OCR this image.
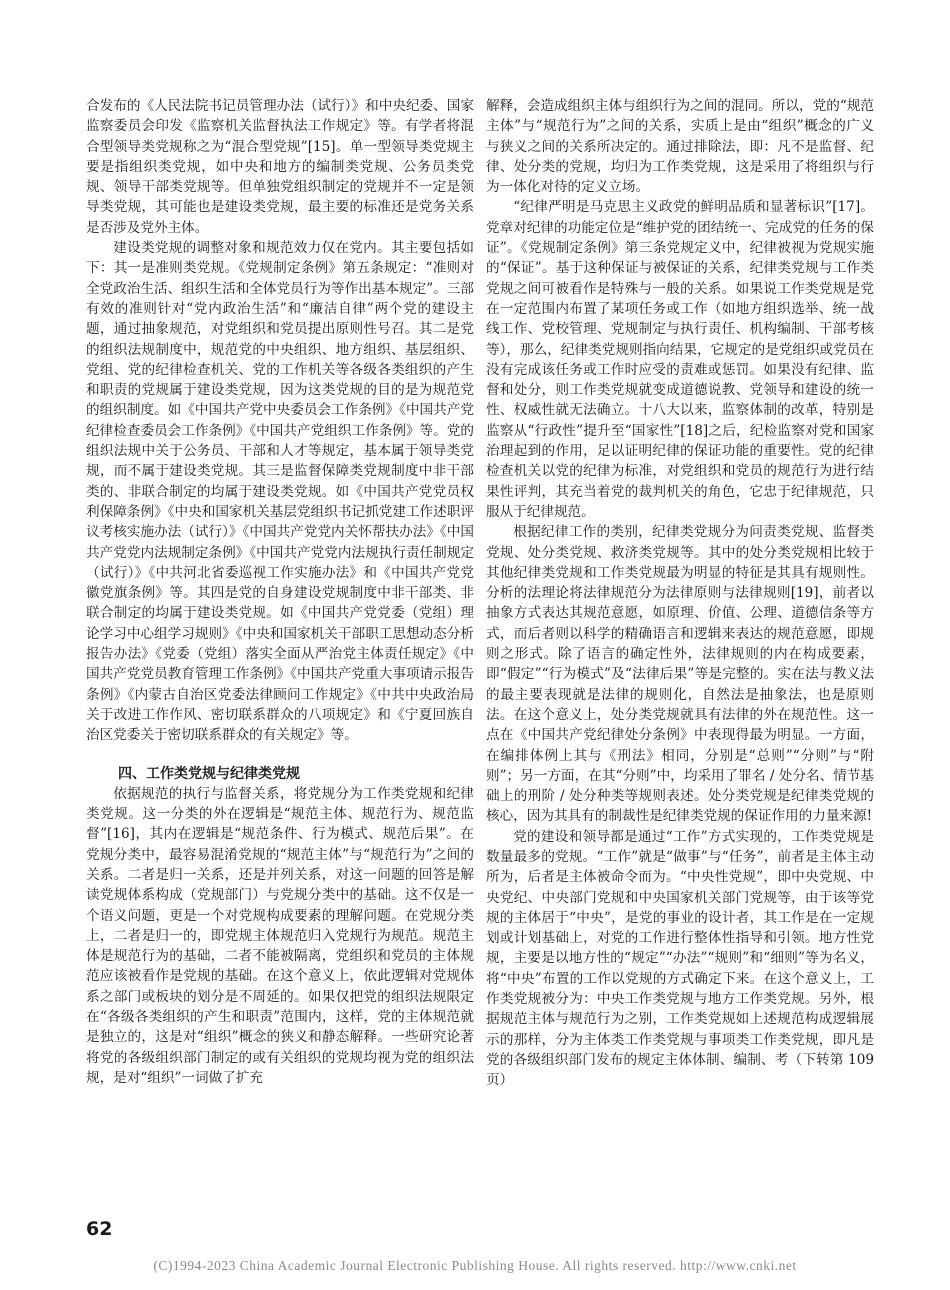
合发布的《人民法院书记员管理办法（试行）》和中央纪委、国家监察委员会印发《监察机关监督执法工作规定》等。有学者将混合型领导类党规称之为“混合型党规”[15]。单一型领导类党规主要是指组织类党规，如中央和地方的编制类党规、公务员类党规、领导干部类党规等。但单独党组织制定的党规并不一定是领导类党规，其可能也是建设类党规，最主要的标准还是党务关系是否涉及党外主体。

建设类党规的调整对象和规范效力仅在党内。其主要包括如下：其一是准则类党规。《党规制定条例》第五条规定：“准则对全党政治生活、组织生活和全体党员行为等作出基本规定”。三部有效的准则针对“党内政治生活”和“廉洁自律”两个党的建设主题，通过抽象规范，对党组织和党员提出原则性号召。其二是党的组织法规制度中，规范党的中央组织、地方组织、基层组织、党组、党的纪律检查机关、党的工作机关等各级各类组织的产生和职责的党规属于建设类党规，因为这类党规的目的是为规范党的组织制度。如《中国共产党中央委员会工作条例》《中国共产党纪律检查委员会工作条例》《中国共产党组织工作条例》等。党的组织法规中关于公务员、干部和人才等规定，基本属于领导类党规，而不属于建设类党规。其三是监督保障类党规制度中非干部类的、非联合制定的均属于建设类党规。如《中国共产党党员权利保障条例》《中央和国家机关基层党组织书记抓党建工作述职评议考核实施办法（试行）》《中国共产党党内关怀帮扶办法》《中国共产党党内法规制定条例》《中国共产党党内法规执行责任制规定（试行）》《中共河北省委巡视工作实施办法》和《中国共产党党徽党旗条例》等。其四是党的自身建设党规制度中非干部类、非联合制定的均属于建设类党规。如《中国共产党党委（党组）理论学习中心组学习规则》《中央和国家机关干部职工思想动态分析报告办法》《党委（党组）落实全面从严治党主体责任规定》《中国共产党党员教育管理工作条例》《中国共产党重大事项请示报告条例》《内蒙古自治区党委法律顾问工作规定》《中共中央政治局关于改进工作作风、密切联系群众的八项规定》和《宁夏回族自治区党委关于密切联系群众的有关规定》等。

四、工作类党规与纪律类党规

依据规范的执行与监督关系，将党规分为工作类党规和纪律类党规。这一分类的外在逻辑是“规范主体、规范行为、规范监督”[16]，其内在逻辑是“规范条件、行为模式、规范后果”。在党规分类中，最容易混淆党规的“规范主体”与“规范行为”之间的关系。二者是归一关系，还是并列关系，对这一问题的回答是解读党规体系构成（党规部门）与党规分类中的基础。这不仅是一个语义问题，更是一个对党规构成要素的理解问题。在党规分类上，二者是归一的，即党规主体规范归入党规行为规范。规范主体是规范行为的基础，二者不能被隔离，党组织和党员的主体规范应该被看作是党规的基础。在这个意义上，依此逻辑对党规体系之部门或板块的划分是不周延的。如果仅把党的组织法规限定在“各级各类组织的产生和职责”范围内，这样，党的主体规范就是独立的，这是对“组织”概念的狭义和静态解释。一些研究论著将党的各级组织部门制定的或有关组织的党规均视为党的组织法规，是对“组织”一词做了扩充

解释，会造成组织主体与组织行为之间的混同。所以，党的“规范主体”与“规范行为”之间的关系，实质上是由“组织”概念的广义与狭义之间的关系所决定的。通过排除法，即：凡不是监督、纪律、处分类的党规，均归为工作类党规，这是采用了将组织与行为一体化对待的定义立场。

“纪律严明是马克思主义政党的鲜明品质和显著标识”[17]。党章对纪律的功能定位是“维护党的团结统一、完成党的任务的保证”。《党规制定条例》第三条党规定义中，纪律被视为党规实施的“保证”。基于这种保证与被保证的关系，纪律类党规与工作类党规之间可被看作是特殊与一般的关系。如果说工作类党规是党在一定范围内布置了某项任务或工作（如地方组织选举、统一战线工作、党校管理、党规制定与执行责任、机构编制、干部考核等），那么，纪律类党规则指向结果，它规定的是党组织或党员在没有完成该任务或工作时应受的责难或惩罚。如果没有纪律、监督和处分，则工作类党规就变成道德说教、党领导和建设的统一性、权威性就无法确立。十八大以来，监察体制的改革，特别是监察从“行政性”提升至“国家性”[18]之后，纪检监察对党和国家治理起到的作用，足以证明纪律的保证功能的重要性。党的纪律检查机关以党的纪律为标准，对党组织和党员的规范行为进行结果性评判，其充当着党的裁判机关的角色，它忠于纪律规范，只服从于纪律规范。

根据纪律工作的类别，纪律类党规分为问责类党规、监督类党规、处分类党规、救济类党规等。其中的处分类党规相比较于其他纪律类党规和工作类党规最为明显的特征是其具有规则性。分析的法理论将法律规范分为法律原则与法律规则[19]，前者以抽象方式表达其规范意愿，如原理、价值、公理、道德信条等方式，而后者则以科学的精确语言和逻辑来表达的规范意愿，即规则之形式。除了语言的确定性外，法律规则的内在构成要素，即“假定”“行为模式”及“法律后果”等是完整的。实在法与教义法的最主要表现就是法律的规则化，自然法是抽象法，也是原则法。在这个意义上，处分类党规就具有法律的外在规范性。这一点在《中国共产党纪律处分条例》中表现得最为明显。一方面，在编排体例上其与《刑法》相同，分别是“总则”“分则”与“附则”；另一方面，在其“分则”中，均采用了罪名 / 处分名、情节基础上的刑阶 / 处分种类等规则表述。处分类党规是纪律类党规的核心，因为其具有的制裁性是纪律类党规的保证作用的力量来源!

党的建设和领导都是通过“工作”方式实现的，工作类党规是数量最多的党规。“工作”就是“做事”与“任务”，前者是主体主动所为，后者是主体被命令而为。“中央性党规”，即中央党规、中央党纪、中央部门党规和中央国家机关部门党规等，由于该等党规的主体居于“中央”，是党的事业的设计者，其工作是在一定规划或计划基础上，对党的工作进行整体性指导和引领。地方性党规，主要是以地方性的“规定”“办法”“规则”和“细则”等为名义，将“中央”布置的工作以党规的方式确定下来。在这个意义上，工作类党规被分为：中央工作类党规与地方工作类党规。另外，根据规范主体与规范行为之别，工作类党规如上述规范构成逻辑展示的那样，分为主体类工作类党规与事项类工作类党规，即凡是党的各级组织部门发布的规定主体体制、编制、考（下转第 109 页）

62
(C)1994-2023 China Academic Journal Electronic Publishing House. All rights reserved. http://www.cnki.net
